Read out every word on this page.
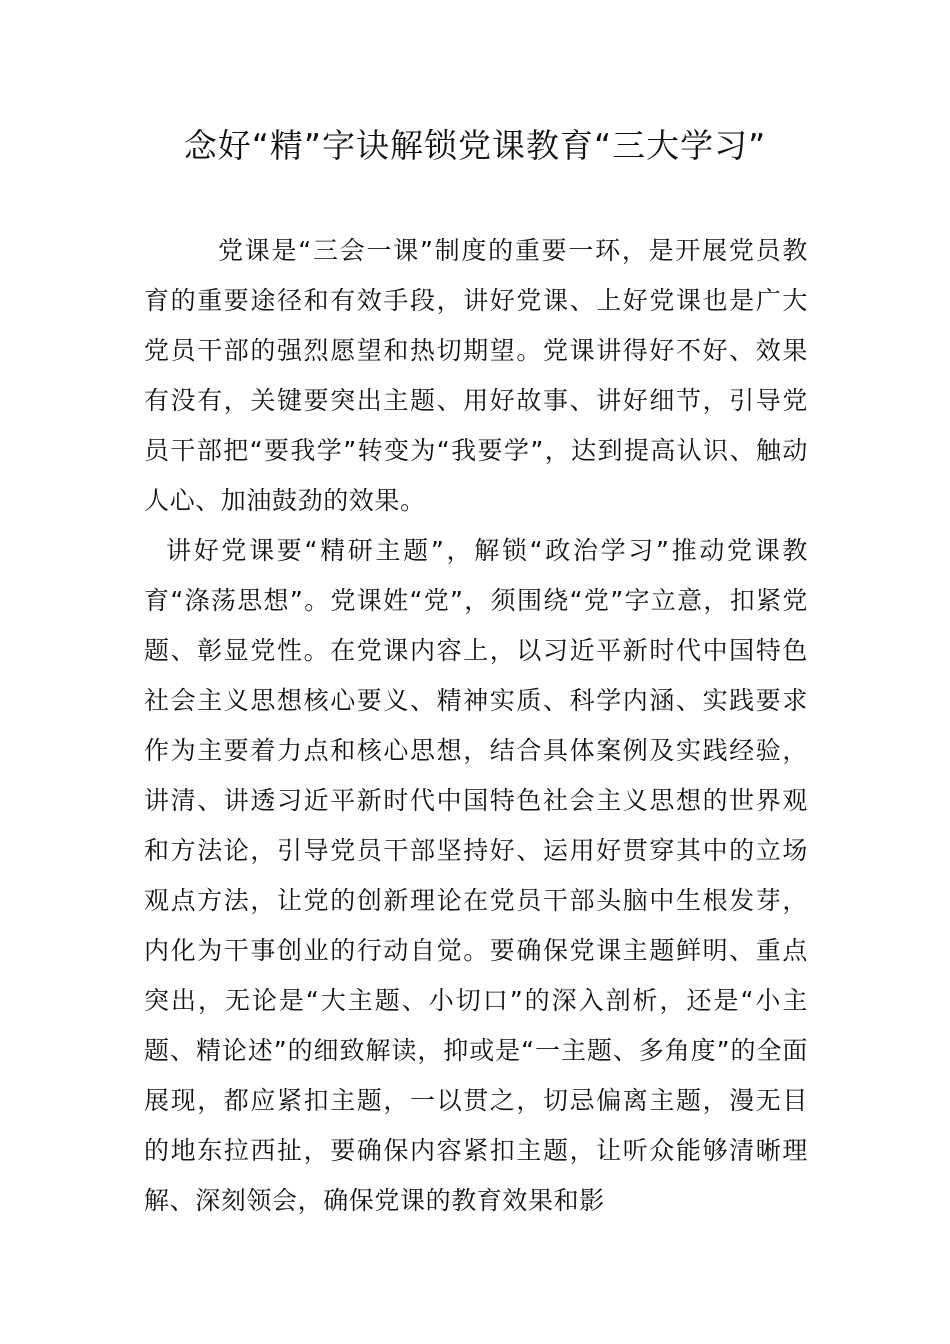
念好“精”字诀解锁党课教育“三大学习”

党课是“三会一课”制度的重要一环，是开展党员教育的重要途径和有效手段，讲好党课、上好党课也是广大党员干部的强烈愿望和热切期望。党课讲得好不好、效果有没有，关键要突出主题、用好故事、讲好细节，引导党员干部把“要我学”转变为“我要学”，达到提高认识、触动人心、加油鼓劲的效果。

讲好党课要“精研主题”，解锁“政治学习”推动党课教育“涤荡思想”。党课姓“党”，须围绕“党”字立意，扣紧党题、彰显党性。在党课内容上，以习近平新时代中国特色社会主义思想核心要义、精神实质、科学内涵、实践要求作为主要着力点和核心思想，结合具体案例及实践经验，讲清、讲透习近平新时代中国特色社会主义思想的世界观和方法论，引导党员干部坚持好、运用好贯穿其中的立场观点方法，让党的创新理论在党员干部头脑中生根发芽，内化为干事创业的行动自觉。要确保党课主题鲜明、重点突出，无论是“大主题、小切口”的深入剖析，还是“小主题、精论述”的细致解读，抑或是“一主题、多角度”的全面展现，都应紧扣主题，一以贯之，切忌偏离主题，漫无目的地东拉西扯，要确保内容紧扣主题，让听众能够清晰理解、深刻领会，确保党课的教育效果和影
